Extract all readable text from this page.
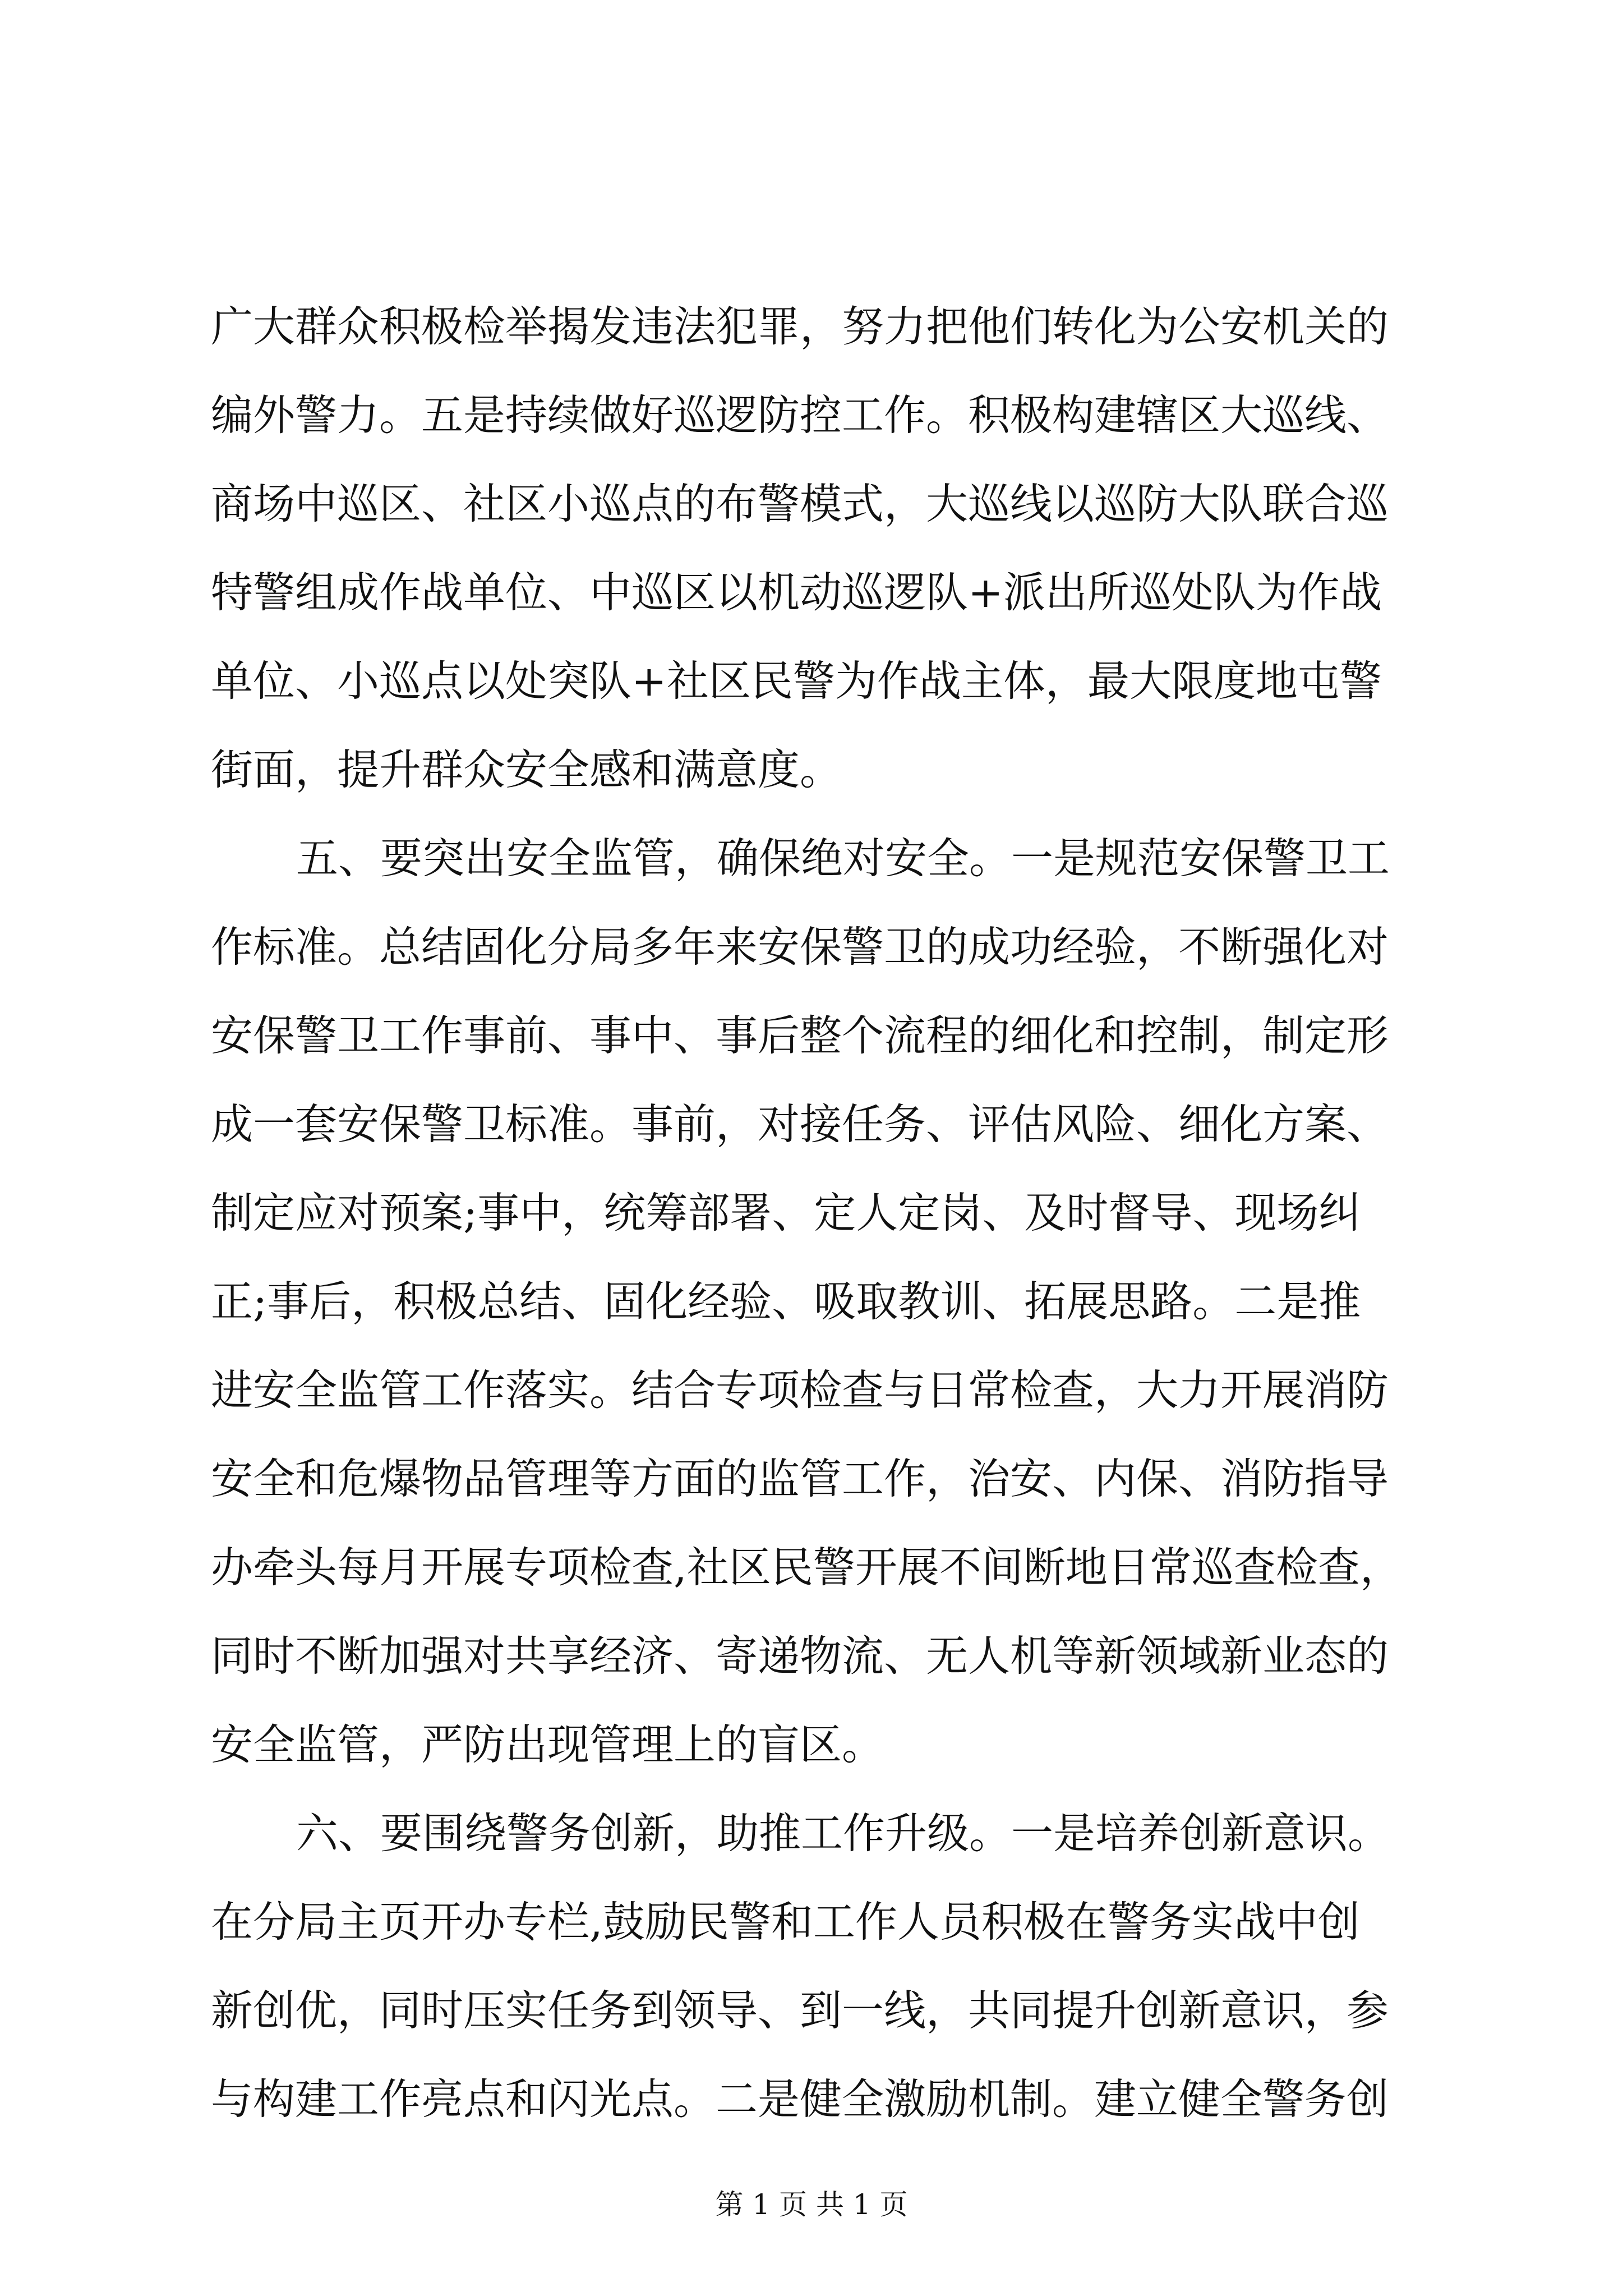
广大群众积极检举揭发违法犯罪，努力把他们转化为公安机关的

编外警力。五是持续做好巡逻防控工作。积极构建辖区大巡线、

商场中巡区、社区小巡点的布警模式，大巡线以巡防大队联合巡

特警组成作战单位、中巡区以机动巡逻队+派出所巡处队为作战

单位、小巡点以处突队+社区民警为作战主体，最大限度地屯警

街面，提升群众安全感和满意度。

五、要突出安全监管，确保绝对安全。一是规范安保警卫工

作标准。总结固化分局多年来安保警卫的成功经验，不断强化对

安保警卫工作事前、事中、事后整个流程的细化和控制，制定形

成一套安保警卫标准。事前，对接任务、评估风险、细化方案、

制定应对预案;事中，统筹部署、定人定岗、及时督导、现场纠

正;事后，积极总结、固化经验、吸取教训、拓展思路。二是推

进安全监管工作落实。结合专项检查与日常检查，大力开展消防

安全和危爆物品管理等方面的监管工作，治安、内保、消防指导

办牵头每月开展专项检查,社区民警开展不间断地日常巡查检查，

同时不断加强对共享经济、寄递物流、无人机等新领域新业态的

安全监管，严防出现管理上的盲区。

六、要围绕警务创新，助推工作升级。一是培养创新意识。

在分局主页开办专栏,鼓励民警和工作人员积极在警务实战中创

新创优，同时压实任务到领导、到一线，共同提升创新意识，参

与构建工作亮点和闪光点。二是健全激励机制。建立健全警务创

第 1 页 共 1 页
